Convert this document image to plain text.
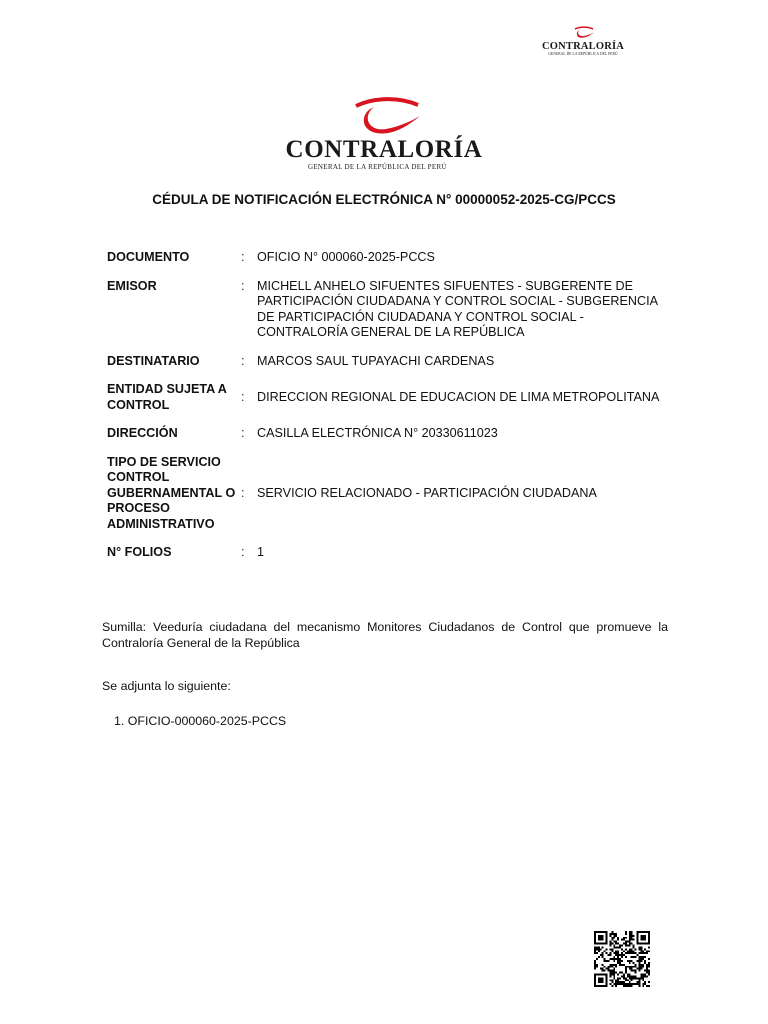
CONTRALORÍA
GENERAL DE LA REPÚBLICA DEL PERÚ
CONTRALORÍA
GENERAL DE LA REPÚBLICA DEL PERÚ
CÉDULA DE NOTIFICACIÓN ELECTRÓNICA N° 00000052-2025-CG/PCCS
DOCUMENTO	: OFICIO N° 000060-2025-PCCS
EMISOR	: MICHELL ANHELO SIFUENTES SIFUENTES - SUBGERENTE DE PARTICIPACIÓN CIUDADANA Y CONTROL SOCIAL - SUBGERENCIA DE PARTICIPACIÓN CIUDADANA Y CONTROL SOCIAL - CONTRALORÍA GENERAL DE LA REPÚBLICA
DESTINATARIO	: MARCOS SAUL TUPAYACHI CARDENAS
ENTIDAD SUJETA A CONTROL
: DIRECCION REGIONAL DE EDUCACION DE LIMA METROPOLITANA
DIRECCIÓN	: CASILLA ELECTRÓNICA N° 20330611023
TIPO DE SERVICIO CONTROL GUBERNAMENTAL O PROCESO ADMINISTRATIVO
: SERVICIO RELACIONADO - PARTICIPACIÓN CIUDADANA
N° FOLIOS	: 1
Sumilla: Veeduría ciudadana del mecanismo Monitores Ciudadanos de Control que promueve la Contraloría General de la República
Se adjunta lo siguiente:
1. OFICIO-000060-2025-PCCS
